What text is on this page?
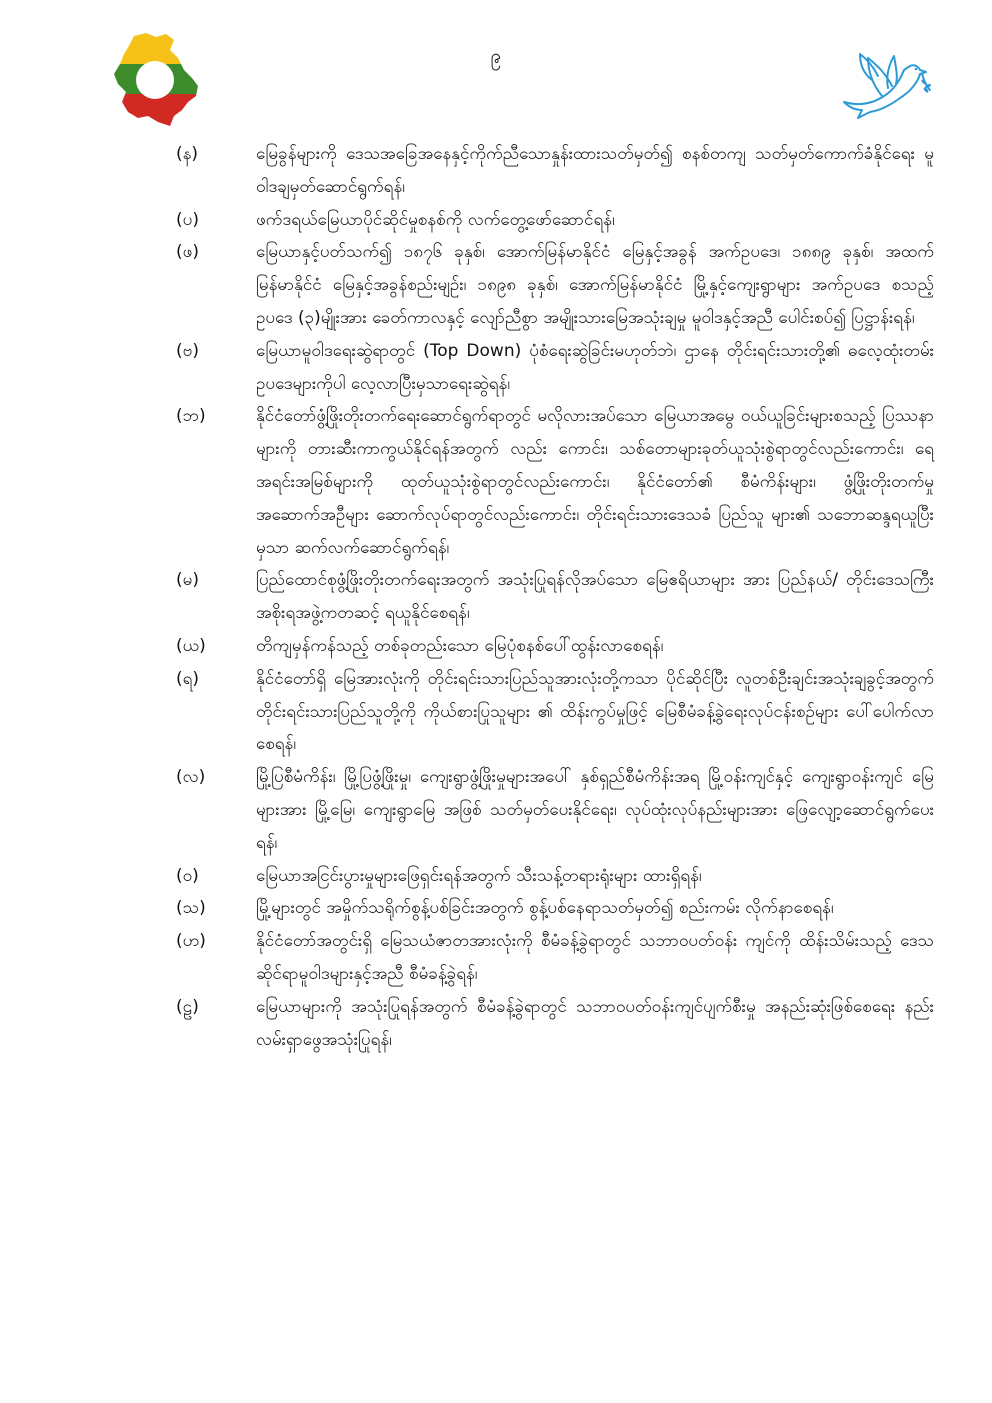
၉
(န)	မြေခွန်များကို ဒေသအခြေအနေနှင့်ကိုက်ညီသောနှုန်းထားသတ်မှတ်၍ စနစ်တကျ သတ်မှတ်ကောက်ခံနိုင်ရေး မူဝါဒချမှတ်ဆောင်ရွက်ရန်၊
(ပ)	ဖက်ဒရယ်မြေယာပိုင်ဆိုင်မှုစနစ်ကို လက်တွေ့ဖော်ဆောင်ရန်၊
(ဖ)	မြေယာနှင့်ပတ်သက်၍ ၁၈၇၆ ခုနှစ်၊ အောက်မြန်မာနိုင်ငံ မြေနှင့်အခွန် အက်ဥပဒေ၊ ၁၈၈၉ ခုနှစ်၊ အထက်မြန်မာနိုင်ငံ မြေနှင့်အခွန်စည်းမျဉ်း၊ ၁၈၉၈ ခုနှစ်၊ အောက်မြန်မာနိုင်ငံ မြို့နှင့်ကျေးရွာများ အက်ဥပဒေ စသည့် ဥပဒေ (၃)မျိုးအား ခေတ်ကာလနှင့် လျော်ညီစွာ အမျိုးသားမြေအသုံးချမှု မူဝါဒနှင့်အညီ ပေါင်းစပ်၍ ပြဋ္ဌာန်းရန်၊
(ဗ)	မြေယာမူဝါဒရေးဆွဲရာတွင် (Top Down) ပုံစံရေးဆွဲခြင်းမဟုတ်ဘဲ၊ ဌာနေ တိုင်းရင်းသားတို့၏ ဓလေ့ထုံးတမ်း ဥပဒေများကိုပါ လေ့လာပြီးမှသာရေးဆွဲရန်၊
(ဘ)	နိုင်ငံတော်ဖွံ့ဖြိုးတိုးတက်ရေးဆောင်ရွက်ရာတွင် မလိုလားအပ်သော မြေယာအမွေ ဝယ်ယူခြင်းများစသည့် ပြဿနာများကို တားဆီးကာကွယ်နိုင်ရန်အတွက် လည်း ကောင်း၊ သစ်တောများခုတ်ယူသုံးစွဲရာတွင်လည်းကောင်း၊ ရေအရင်းအမြစ်များကို ထုတ်ယူသုံးစွဲရာတွင်လည်းကောင်း၊ နိုင်ငံတော်၏ စီမံကိန်းများ၊ ဖွံ့ဖြိုးတိုးတက်မှု အဆောက်အဦများ ဆောက်လုပ်ရာတွင်လည်းကောင်း၊ တိုင်းရင်းသားဒေသခံ ပြည်သူ များ၏ သဘောဆန္ဒရယူပြီးမှသာ ဆက်လက်ဆောင်ရွက်ရန်၊
(မ)	ပြည်ထောင်စုဖွံ့ဖြိုးတိုးတက်ရေးအတွက် အသုံးပြုရန်လိုအပ်သော မြေဧရိယာများ အား ပြည်နယ်/ တိုင်းဒေသကြီးအစိုးရအဖွဲ့ကတဆင့် ရယူနိုင်စေရန်၊
(ယ)	တိကျမှန်ကန်သည့် တစ်ခုတည်းသော မြေပုံစနစ်ပေါ်ထွန်းလာစေရန်၊
(ရ)	နိုင်ငံတော်ရှိ မြေအားလုံးကို တိုင်းရင်းသားပြည်သူအားလုံးတို့ကသာ ပိုင်ဆိုင်ပြီး လူတစ်ဦးချင်းအသုံးချခွင့်အတွက် တိုင်းရင်းသားပြည်သူတို့ကို ကိုယ်စားပြုသူများ ၏ ထိန်းကွပ်မှုဖြင့် မြေစီမံခန့်ခွဲရေးလုပ်ငန်းစဉ်များ ပေါ်ပေါက်လာစေရန်၊
(လ)	မြို့ပြစီမံကိန်း၊ မြို့ပြဖွံ့ဖြိုးမှု၊ ကျေးရွာဖွံ့ဖြိုးမှုများအပေါ် နှစ်ရှည်စီမံကိန်းအရ မြို့ဝန်းကျင်နှင့် ကျေးရွာဝန်းကျင် မြေများအား မြို့မြေ၊ ကျေးရွာမြေ အဖြစ် သတ်မှတ်ပေးနိုင်ရေး၊ လုပ်ထုံးလုပ်နည်းများအား ဖြေလျော့ဆောင်ရွက်ပေးရန်၊
(ဝ)	မြေယာအငြင်းပွားမှုများဖြေရှင်းရန်အတွက် သီးသန့်တရားရုံးများ ထားရှိရန်၊
(သ)	မြို့များတွင် အမှိုက်သရိုက်စွန့်ပစ်ခြင်းအတွက် စွန့်ပစ်နေရာသတ်မှတ်၍ စည်းကမ်း လိုက်နာစေရန်၊
(ဟ)	နိုင်ငံတော်အတွင်းရှိ မြေသယံဇာတအားလုံးကို စီမံခန့်ခွဲရာတွင် သဘာဝပတ်ဝန်း ကျင်ကို ထိန်းသိမ်းသည့် ဒေသဆိုင်ရာမူဝါဒများနှင့်အညီ စီမံခန့်ခွဲရန်၊
(ဠ)	မြေယာများကို အသုံးပြုရန်အတွက် စီမံခန့်ခွဲရာတွင် သဘာဝပတ်ဝန်းကျင်ပျက်စီးမှု အနည်းဆုံးဖြစ်စေရေး နည်းလမ်းရှာဖွေအသုံးပြုရန်၊
